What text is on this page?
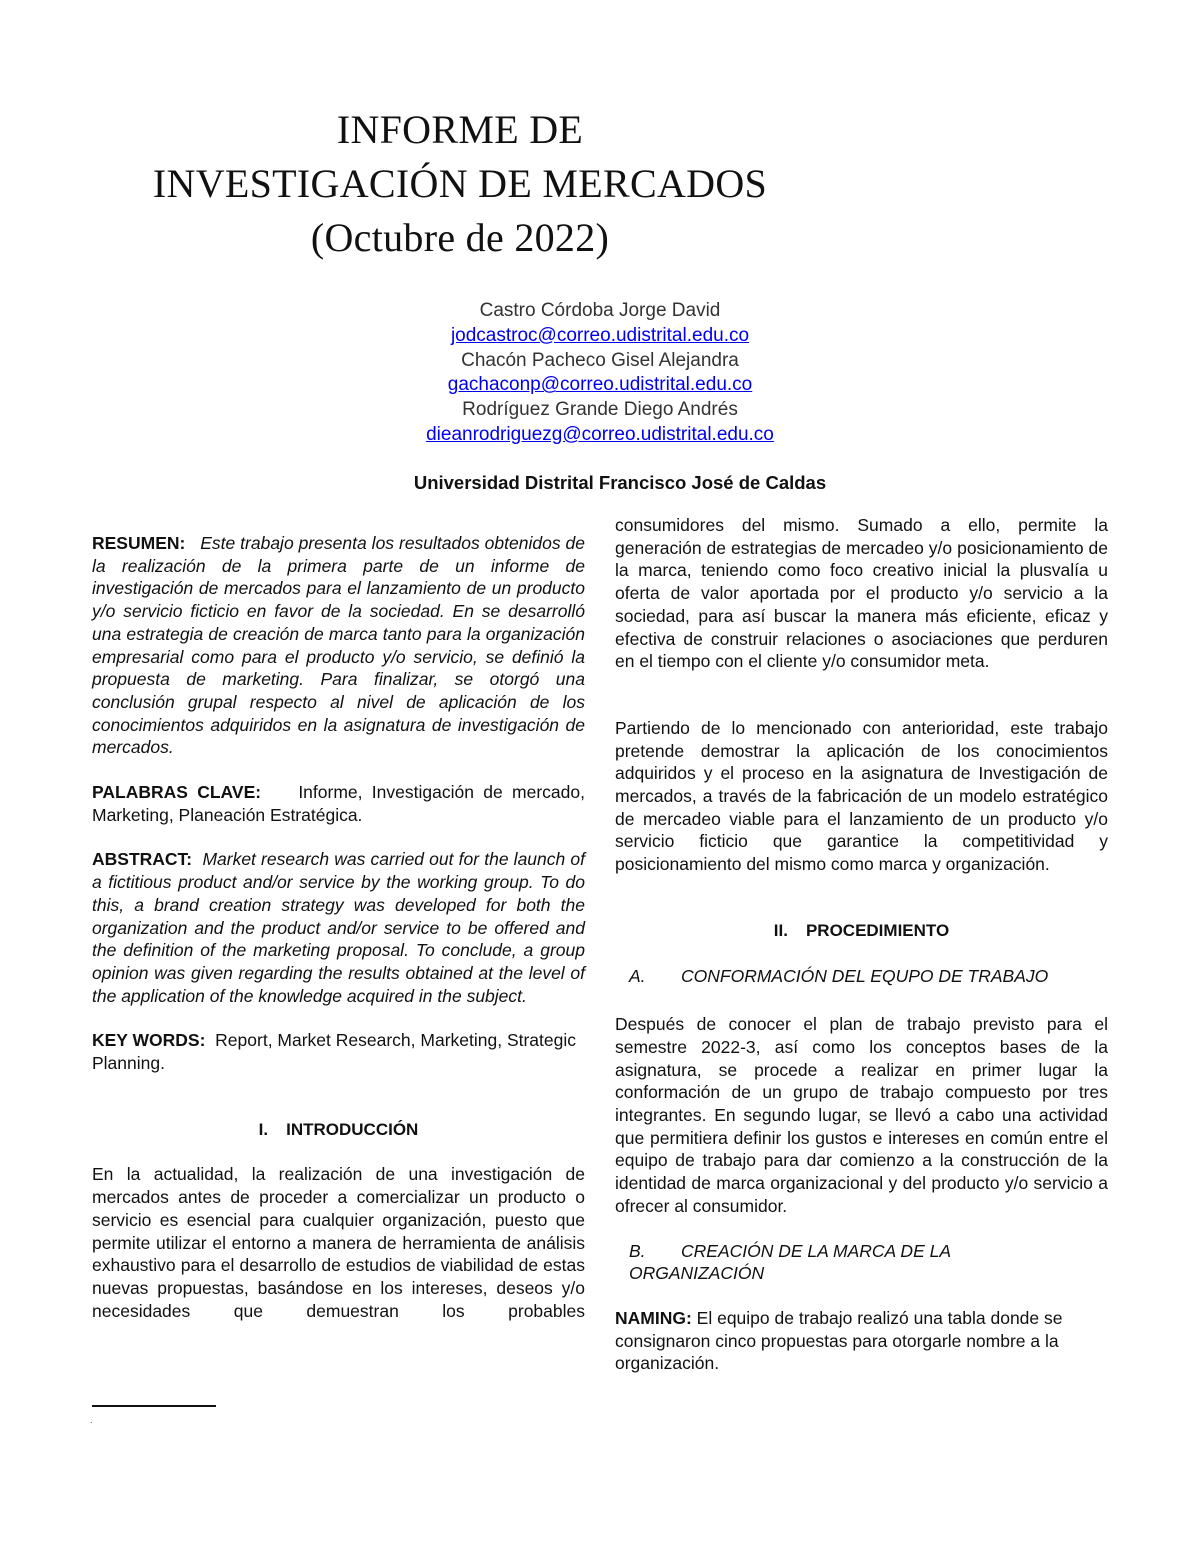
INFORME DE
INVESTIGACIÓN DE MERCADOS
(Octubre de 2022)
Castro Córdoba Jorge David
jodcastroc@correo.udistrital.edu.co
Chacón Pacheco Gisel Alejandra
gachaconp@correo.udistrital.edu.co
Rodríguez Grande Diego Andrés
dieanrodriguezg@correo.udistrital.edu.co
Universidad Distrital Francisco José de Caldas

RESUMEN: Este trabajo presenta los resultados obtenidos de la realización de la primera parte de un informe de investigación de mercados para el lanzamiento de un producto y/o servicio ficticio en favor de la sociedad. En se desarrolló una estrategia de creación de marca tanto para la organización empresarial como para el producto y/o servicio, se definió la propuesta de marketing. Para finalizar, se otorgó una conclusión grupal respecto al nivel de aplicación de los conocimientos adquiridos en la asignatura de investigación de mercados.

PALABRAS CLAVE: Informe, Investigación de mercado, Marketing, Planeación Estratégica.

ABSTRACT: Market research was carried out for the launch of a fictitious product and/or service by the working group. To do this, a brand creation strategy was developed for both the organization and the product and/or service to be offered and the definition of the marketing proposal. To conclude, a group opinion was given regarding the results obtained at the level of the application of the knowledge acquired in the subject.

KEY WORDS: Report, Market Research, Marketing, Strategic Planning.

I. INTRODUCCIÓN

En la actualidad, la realización de una investigación de mercados antes de proceder a comercializar un producto o servicio es esencial para cualquier organización, puesto que permite utilizar el entorno a manera de herramienta de análisis exhaustivo para el desarrollo de estudios de viabilidad de estas nuevas propuestas, basándose en los intereses, deseos y/o necesidades que demuestran los probables

.

consumidores del mismo. Sumado a ello, permite la generación de estrategias de mercadeo y/o posicionamiento de la marca, teniendo como foco creativo inicial la plusvalía u oferta de valor aportada por el producto y/o servicio a la sociedad, para así buscar la manera más eficiente, eficaz y efectiva de construir relaciones o asociaciones que perduren en el tiempo con el cliente y/o consumidor meta.

Partiendo de lo mencionado con anterioridad, este trabajo pretende demostrar la aplicación de los conocimientos adquiridos y el proceso en la asignatura de Investigación de mercados, a través de la fabricación de un modelo estratégico de mercadeo viable para el lanzamiento de un producto y/o servicio ficticio que garantice la competitividad y posicionamiento del mismo como marca y organización.

II. PROCEDIMIENTO
A. CONFORMACIÓN DEL EQUPO DE TRABAJO

Después de conocer el plan de trabajo previsto para el semestre 2022-3, así como los conceptos bases de la asignatura, se procede a realizar en primer lugar la conformación de un grupo de trabajo compuesto por tres integrantes. En segundo lugar, se llevó a cabo una actividad que permitiera definir los gustos e intereses en común entre el equipo de trabajo para dar comienzo a la construcción de la identidad de marca organizacional y del producto y/o servicio a ofrecer al consumidor.

B. CREACIÓN DE LA MARCA DE LA ORGANIZACIÓN

NAMING: El equipo de trabajo realizó una tabla donde se consignaron cinco propuestas para otorgarle nombre a la organización.
